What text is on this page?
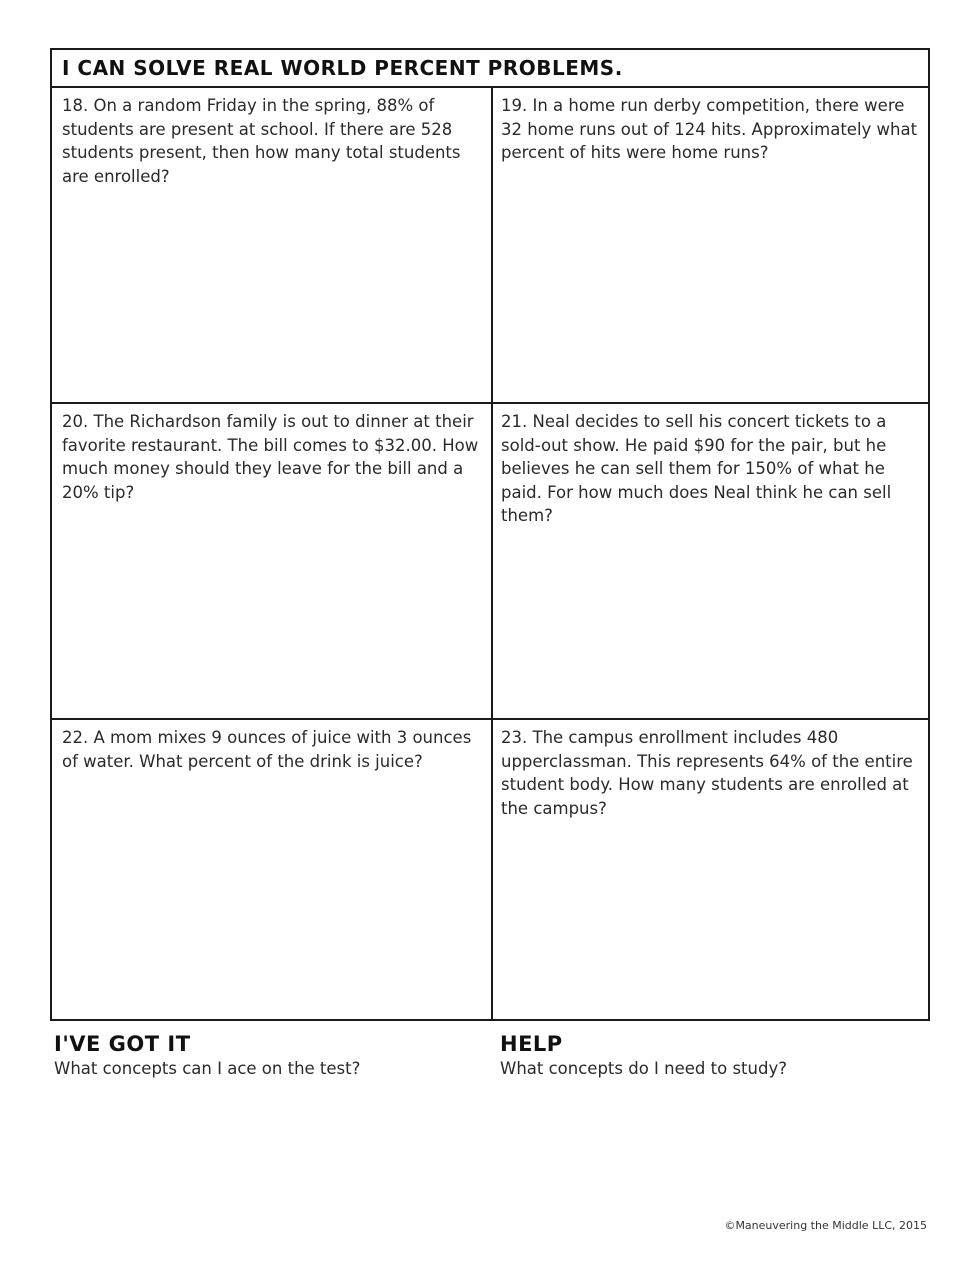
I CAN SOLVE REAL WORLD PERCENT PROBLEMS.
18. On a random Friday in the spring, 88% of students are present at school. If there are 528 students present, then how many total students are enrolled?
19. In a home run derby competition, there were 32 home runs out of 124 hits. Approximately what percent of hits were home runs?
20. The Richardson family is out to dinner at their favorite restaurant. The bill comes to $32.00. How much money should they leave for the bill and a 20% tip?
21. Neal decides to sell his concert tickets to a sold-out show. He paid $90 for the pair, but he believes he can sell them for 150% of what he paid. For how much does Neal think he can sell them?
22. A mom mixes 9 ounces of juice with 3 ounces of water. What percent of the drink is juice?
23. The campus enrollment includes 480 upperclassman. This represents 64% of the entire student body. How many students are enrolled at the campus?
I'VE GOT IT
What concepts can I ace on the test?
HELP
What concepts do I need to study?
©Maneuvering the Middle LLC, 2015
